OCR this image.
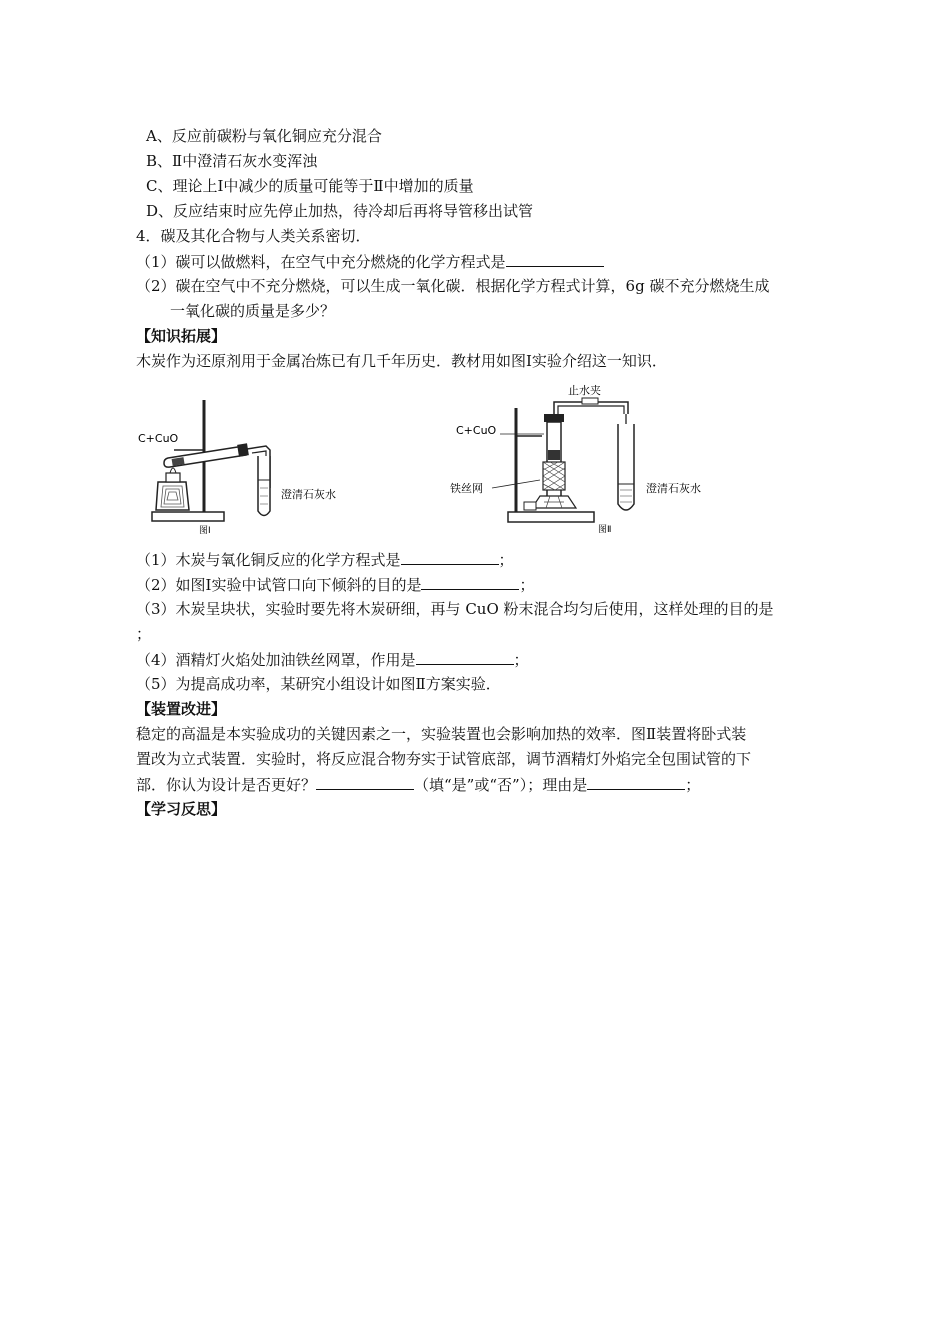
A、反应前碳粉与氧化铜应充分混合
B、Ⅱ中澄清石灰水变浑浊
C、理论上Ⅰ中减少的质量可能等于Ⅱ中增加的质量
D、反应结束时应先停止加热，待冷却后再将导管移出试管
4．碳及其化合物与人类关系密切．
（1）碳可以做燃料，在空气中充分燃烧的化学方程式是
（2）碳在空气中不充分燃烧，可以生成一氧化碳．根据化学方程式计算，6g 碳不充分燃烧生成
一氧化碳的质量是多少？
【知识拓展】
木炭作为还原剂用于金属冶炼已有几千年历史．教材用如图Ⅰ实验介绍这一知识．
C+CuO
澄清石灰水
图Ⅰ
止水夹
C+CuO
铁丝网	澄清石灰水
图Ⅱ
（1）木炭与氧化铜反应的化学方程式是	；
（2）如图Ⅰ实验中试管口向下倾斜的目的是	；
（3）木炭呈块状，实验时要先将木炭研细，再与 CuO 粉末混合均匀后使用，这样处理的目的是
；
（4）酒精灯火焰处加油铁丝网罩，作用是	；
（5）为提高成功率，某研究小组设计如图Ⅱ方案实验．
【装置改进】
稳定的高温是本实验成功的关键因素之一，实验装置也会影响加热的效率．图Ⅱ装置将卧式装
置改为立式装置．实验时，将反应混合物夯实于试管底部，调节酒精灯外焰完全包围试管的下
部．你认为设计是否更好？	（填“是”或“否”）；理由是	；
【学习反思】
